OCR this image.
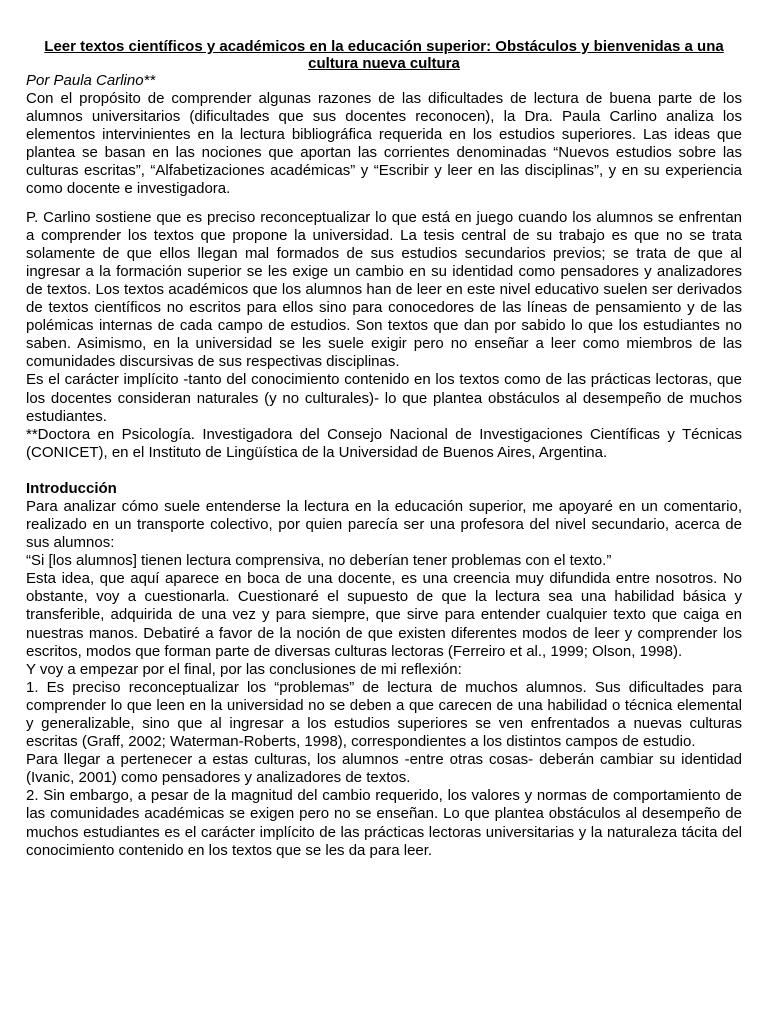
Leer textos científicos y académicos en la educación superior: Obstáculos y bienvenidas a una cultura nueva cultura

Por Paula Carlino**

Con el propósito de comprender algunas razones de las dificultades de lectura de buena parte de los alumnos universitarios (dificultades que sus docentes reconocen), la Dra. Paula Carlino analiza los elementos intervinientes en la lectura bibliográfica requerida en los estudios superiores. Las ideas que plantea se basan en las nociones que aportan las corrientes denominadas “Nuevos estudios sobre las culturas escritas”, “Alfabetizaciones académicas” y “Escribir y leer en las disciplinas”, y en su experiencia como docente e investigadora.

P. Carlino sostiene que es preciso reconceptualizar lo que está en juego cuando los alumnos se enfrentan a comprender los textos que propone la universidad. La tesis central de su trabajo es que no se trata solamente de que ellos llegan mal formados de sus estudios secundarios previos; se trata de que al ingresar a la formación superior se les exige un cambio en su identidad como pensadores y analizadores de textos. Los textos académicos que los alumnos han de leer en este nivel educativo suelen ser derivados de textos científicos no escritos para ellos sino para conocedores de las líneas de pensamiento y de las polémicas internas de cada campo de estudios. Son textos que dan por sabido lo que los estudiantes no saben. Asimismo, en la universidad se les suele exigir pero no enseñar a leer como miembros de las comunidades discursivas de sus respectivas disciplinas.

Es el carácter implícito -tanto del conocimiento contenido en los textos como de las prácticas lectoras, que los docentes consideran naturales (y no culturales)- lo que plantea obstáculos al desempeño de muchos estudiantes.

**Doctora en Psicología. Investigadora del Consejo Nacional de Investigaciones Científicas y Técnicas (CONICET), en el Instituto de Lingüística de la Universidad de Buenos Aires, Argentina.

Introducción

Para analizar cómo suele entenderse la lectura en la educación superior, me apoyaré en un comentario, realizado en un transporte colectivo, por quien parecía ser una profesora del nivel secundario, acerca de sus alumnos:

“Si [los alumnos] tienen lectura comprensiva, no deberían tener problemas con el texto.”

Esta idea, que aquí aparece en boca de una docente, es una creencia muy difundida entre nosotros. No obstante, voy a cuestionarla. Cuestionaré el supuesto de que la lectura sea una habilidad básica y transferible, adquirida de una vez y para siempre, que sirve para entender cualquier texto que caiga en nuestras manos. Debatiré a favor de la noción de que existen diferentes modos de leer y comprender los escritos, modos que forman parte de diversas culturas lectoras (Ferreiro et al., 1999; Olson, 1998).

Y voy a empezar por el final, por las conclusiones de mi reflexión:

1. Es preciso reconceptualizar los “problemas” de lectura de muchos alumnos. Sus dificultades para comprender lo que leen en la universidad no se deben a que carecen de una habilidad o técnica elemental y generalizable, sino que al ingresar a los estudios superiores se ven enfrentados a nuevas culturas escritas (Graff, 2002; Waterman-Roberts, 1998), correspondientes a los distintos campos de estudio.

Para llegar a pertenecer a estas culturas, los alumnos -entre otras cosas- deberán cambiar su identidad (Ivanic, 2001) como pensadores y analizadores de textos.

2. Sin embargo, a pesar de la magnitud del cambio requerido, los valores y normas de comportamiento de las comunidades académicas se exigen pero no se enseñan. Lo que plantea obstáculos al desempeño de muchos estudiantes es el carácter implícito de las prácticas lectoras universitarias y la naturaleza tácita del conocimiento contenido en los textos que se les da para leer.
